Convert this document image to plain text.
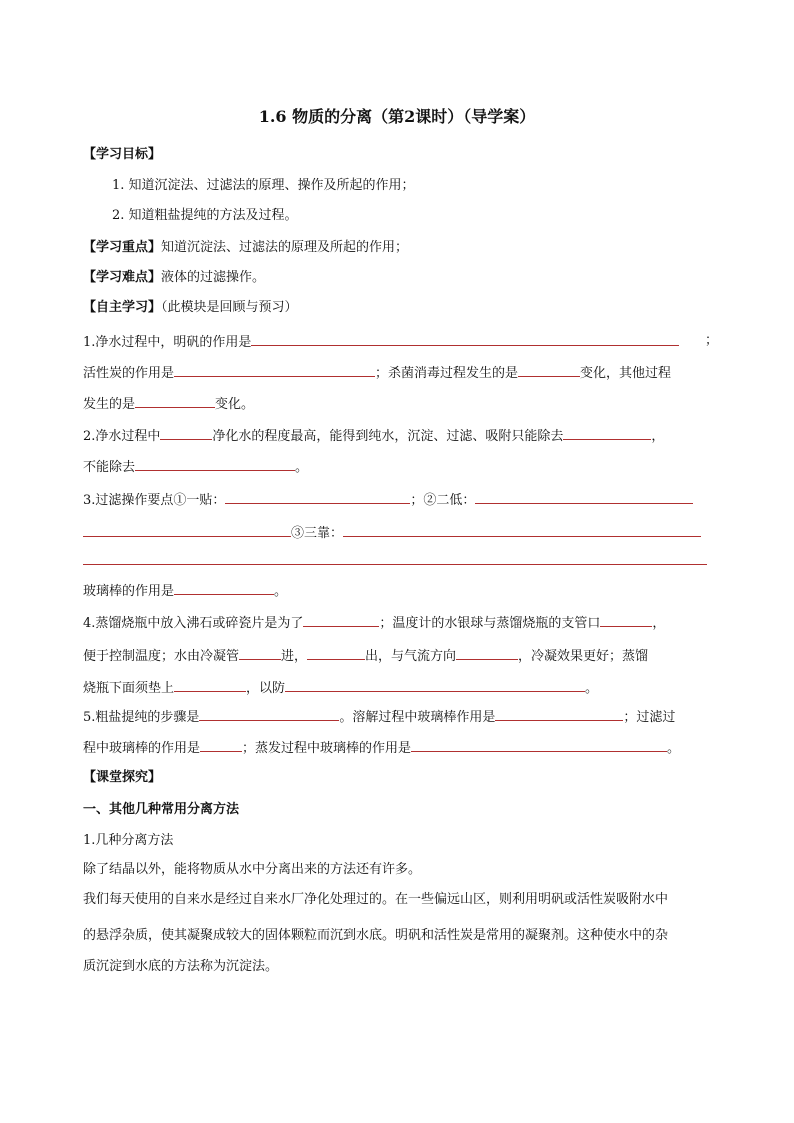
1.6 物质的分离（第2课时）（导学案）
【学习目标】
1. 知道沉淀法、过滤法的原理、操作及所起的作用；
2. 知道粗盐提纯的方法及过程。
【学习重点】知道沉淀法、过滤法的原理及所起的作用；
【学习难点】液体的过滤操作。
【自主学习】（此模块是回顾与预习）
1.净水过程中，明矾的作用是	；
活性炭的作用是	；杀菌消毒过程发生的是	变化，其他过程
发生的是	变化。
2.净水过程中	净化水的程度最高，能得到纯水，沉淀、过滤、吸附只能除去	，
不能除去	。
3.过滤操作要点①一贴：	；②二低：
③三靠：
玻璃棒的作用是	。
4.蒸馏烧瓶中放入沸石或碎瓷片是为了	；温度计的水银球与蒸馏烧瓶的支管口	，
便于控制温度；水由冷凝管	进，	出，与气流方向	，冷凝效果更好；蒸馏
烧瓶下面须垫上	，以防	。
5.粗盐提纯的步骤是	。溶解过程中玻璃棒作用是	；过滤过
程中玻璃棒的作用是	；蒸发过程中玻璃棒的作用是	。
【课堂探究】
一、其他几种常用分离方法
1.几种分离方法
除了结晶以外，能将物质从水中分离出来的方法还有许多。
我们每天使用的自来水是经过自来水厂净化处理过的。在一些偏远山区，则利用明矾或活性炭吸附水中
的悬浮杂质，使其凝聚成较大的固体颗粒而沉到水底。明矾和活性炭是常用的凝聚剂。这种使水中的杂
质沉淀到水底的方法称为沉淀法。
